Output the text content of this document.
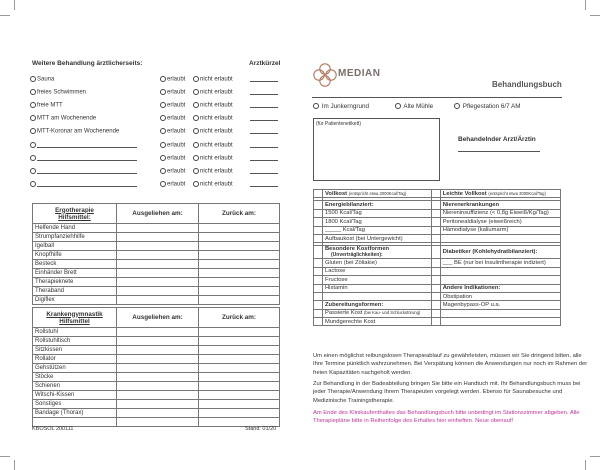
Weitere Behandlung ärztlicherseits:	Arztkürzel
Sauna	erlaubt	nicht erlaubt
freies Schwimmen	erlaubt	nicht erlaubt
freie MTT	erlaubt	nicht erlaubt
MTT am Wochenende	erlaubt	nicht erlaubt
MTT-Koronar am Wochenende	erlaubt	nicht erlaubt
erlaubt	nicht erlaubt
erlaubt	nicht erlaubt
erlaubt	nicht erlaubt
erlaubt	nicht erlaubt
Ergotherapie
Hilfsmittel:	Ausgeliehen am:	Zurück am:
Helfende Hand		
Strumpfanziehhilfe		
Igelball		
Knopfhilfe		
Besteck		
Einhänder Brett		
Therapieknete		
Theraband		
Digiflex		
Krankengymnastik
Hilfsmittel	Ausgeliehen am:	Zurück am:
Rollstuhl		
Rollstuhltisch		
Sitzkissen		
Rollator		
Gehstützen		
Stöcke		
Schienen		
Witschi-Kissen		
Sonstiges		
Bandage (Thorax)		

KBOSOL 200111	Stand: 01/20
MEDIAN
Behandlungsbuch
Im Junkerngrund	Alte Mühle	Pflegestation 6/7 AM
(für Patientenetikett)
Behandelnder Arzt/Ärztin
	Vollkost (entspricht etwa 2000Kcal/Tag)		Leichte Vollkost (entspricht etwa 2000Kcal/Tag)

	Energiebilanziert:		Nierenerkrankungen
	1500 Kcal/Tag		Niereninsuffizienz (< 0,8g Eiweiß/Kg/Tag)
	1800 Kcal/Tag		Peritonealdialyse (eiweißreich)
	_____ Kcal/Tag		Hämodialyse (kaliumarm)
	Aufbaukost (bei Untergewicht)		

	Besondere Kostformen
(Unverträglichkeiten):		Diabetiker (Kohlehydratbilanziert):
	Gluten (bei Zöliakie)		___ BE (nur bei Insulintherapie indiziert)
	Lactose		
	Fructose		
	Histamin		Andere Indikationen:
			Obstipation
	Zubereitungsformen:		Magenbypass-OP u.a.
	Passierte Kost (bei Kau- und Schluckstörung)		
	Mundgerechte Kost		
Um einen möglichst reibungslosen Therapieablauf zu gewährleisten, müssen wir Sie dringend bitten, alle Ihre Termine pünktlich wahrzunehmen. Bei Verspätung können die Anwendungen nur noch im Rahmen der freien Kapazitäten nachgeholt werden.
Zur Behandlung in der Badeabteilung bringen Sie bitte ein Handtuch mit. Ihr Behandlungsbuch muss bei jeder Therapie/Anwendung Ihrem Therapeuten vorgelegt werden. Ebenso für Saunabesuche und Medizinische Trainingstherapie.
Am Ende des Klinikaufenthaltes das Behandlungsbuch bitte unbedingt im Stationszimmer abgeben. Alle Therapiepläne bitte in Reihenfolge des Erhaltes hier einheften. Neue obenauf!
